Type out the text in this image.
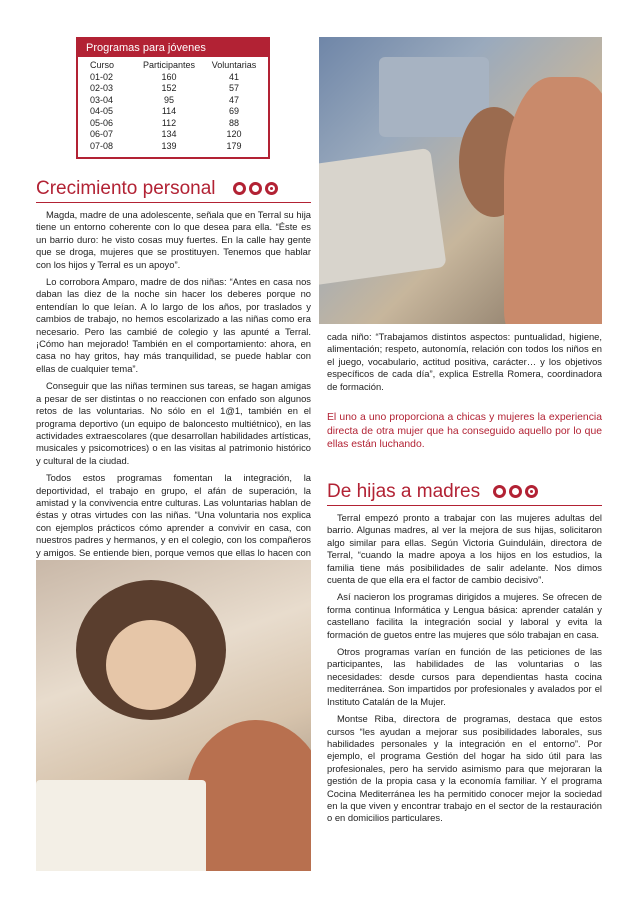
Programas para jóvenes
Curso	Participantes	Voluntarias
01-02	160	41
02-03	152	57
03-04	95	47
04-05	114	69
05-06	112	88
06-07	134	120
07-08	139	179
Crecimiento personal

Magda, madre de una adolescente, señala que en Terral su hija tiene un entorno coherente con lo que desea para ella. “Éste es un barrio duro: he visto cosas muy fuertes. En la calle hay gente que se droga, mujeres que se prostituyen. Tenemos que hablar con los hijos y Terral es un apoyo”.

Lo corrobora Amparo, madre de dos niñas: “Antes en casa nos daban las diez de la noche sin hacer los deberes porque no entendían lo que leían. A lo largo de los años, por traslados y cambios de trabajo, no hemos escolarizado a las niñas como era necesario. Pero las cambié de colegio y las apunté a Terral. ¡Cómo han mejorado! También en el comportamiento: ahora, en casa no hay gritos, hay más tranquilidad, se puede hablar con ellas de cualquier tema”.

Conseguir que las niñas terminen sus tareas, se hagan amigas a pesar de ser distintas o no reaccionen con enfado son algunos retos de las voluntarias. No sólo en el 1@1, también en el programa deportivo (un equipo de baloncesto multiétnico), en las actividades extraescolares (que desarrollan habilidades artísticas, musicales y psicomotrices) o en las visitas al patrimonio histórico y cultural de la ciudad.

Todos estos programas fomentan la integración, la deportividad, el trabajo en grupo, el afán de superación, la amistad y la convivencia entre culturas. Las voluntarias hablan de éstas y otras virtudes con las niñas. “Una voluntaria nos explica con ejemplos prácticos cómo aprender a convivir en casa, con nuestros padres y hermanos, y en el colegio, con los compañeros y amigos. Se entiende bien, porque vemos que ellas lo hacen con

cada niño: “Trabajamos distintos aspectos: puntualidad, higiene, alimentación; respeto, autonomía, relación con todos los niños en el juego, vocabulario, actitud positiva, carácter… y los objetivos específicos de cada día”, explica Estrella Romera, coordinadora de formación.

El uno a uno proporciona a chicas y mujeres la experiencia directa de otra mujer que ha conseguido aquello por lo que ellas están luchando.
De hijas a madres

Terral empezó pronto a trabajar con las mujeres adultas del barrio. Algunas madres, al ver la mejora de sus hijas, solicitaron algo similar para ellas. Según Victoria Guinduláin, directora de Terral, “cuando la madre apoya a los hijos en los estudios, la familia tiene más posibilidades de salir adelante. Nos dimos cuenta de que ella era el factor de cambio decisivo”.

Así nacieron los programas dirigidos a mujeres. Se ofrecen de forma continua Informática y Lengua básica: aprender catalán y castellano facilita la integración social y laboral y evita la formación de guetos entre las mujeres que sólo trabajan en casa.

Otros programas varían en función de las peticiones de las participantes, las habilidades de las voluntarias o las necesidades: desde cursos para dependientas hasta cocina mediterránea. Son impartidos por profesionales y avalados por el Instituto Catalán de la Mujer.

Montse Riba, directora de programas, destaca que estos cursos “les ayudan a mejorar sus posibilidades laborales, sus habilidades personales y la integración en el entorno”. Por ejemplo, el programa Gestión del hogar ha sido útil para las profesionales, pero ha servido asimismo para que mejoraran la gestión de la propia casa y la economía familiar. Y el programa Cocina Mediterránea les ha permitido conocer mejor la sociedad en la que viven y encontrar trabajo en el sector de la restauración o en domicilios particulares.
